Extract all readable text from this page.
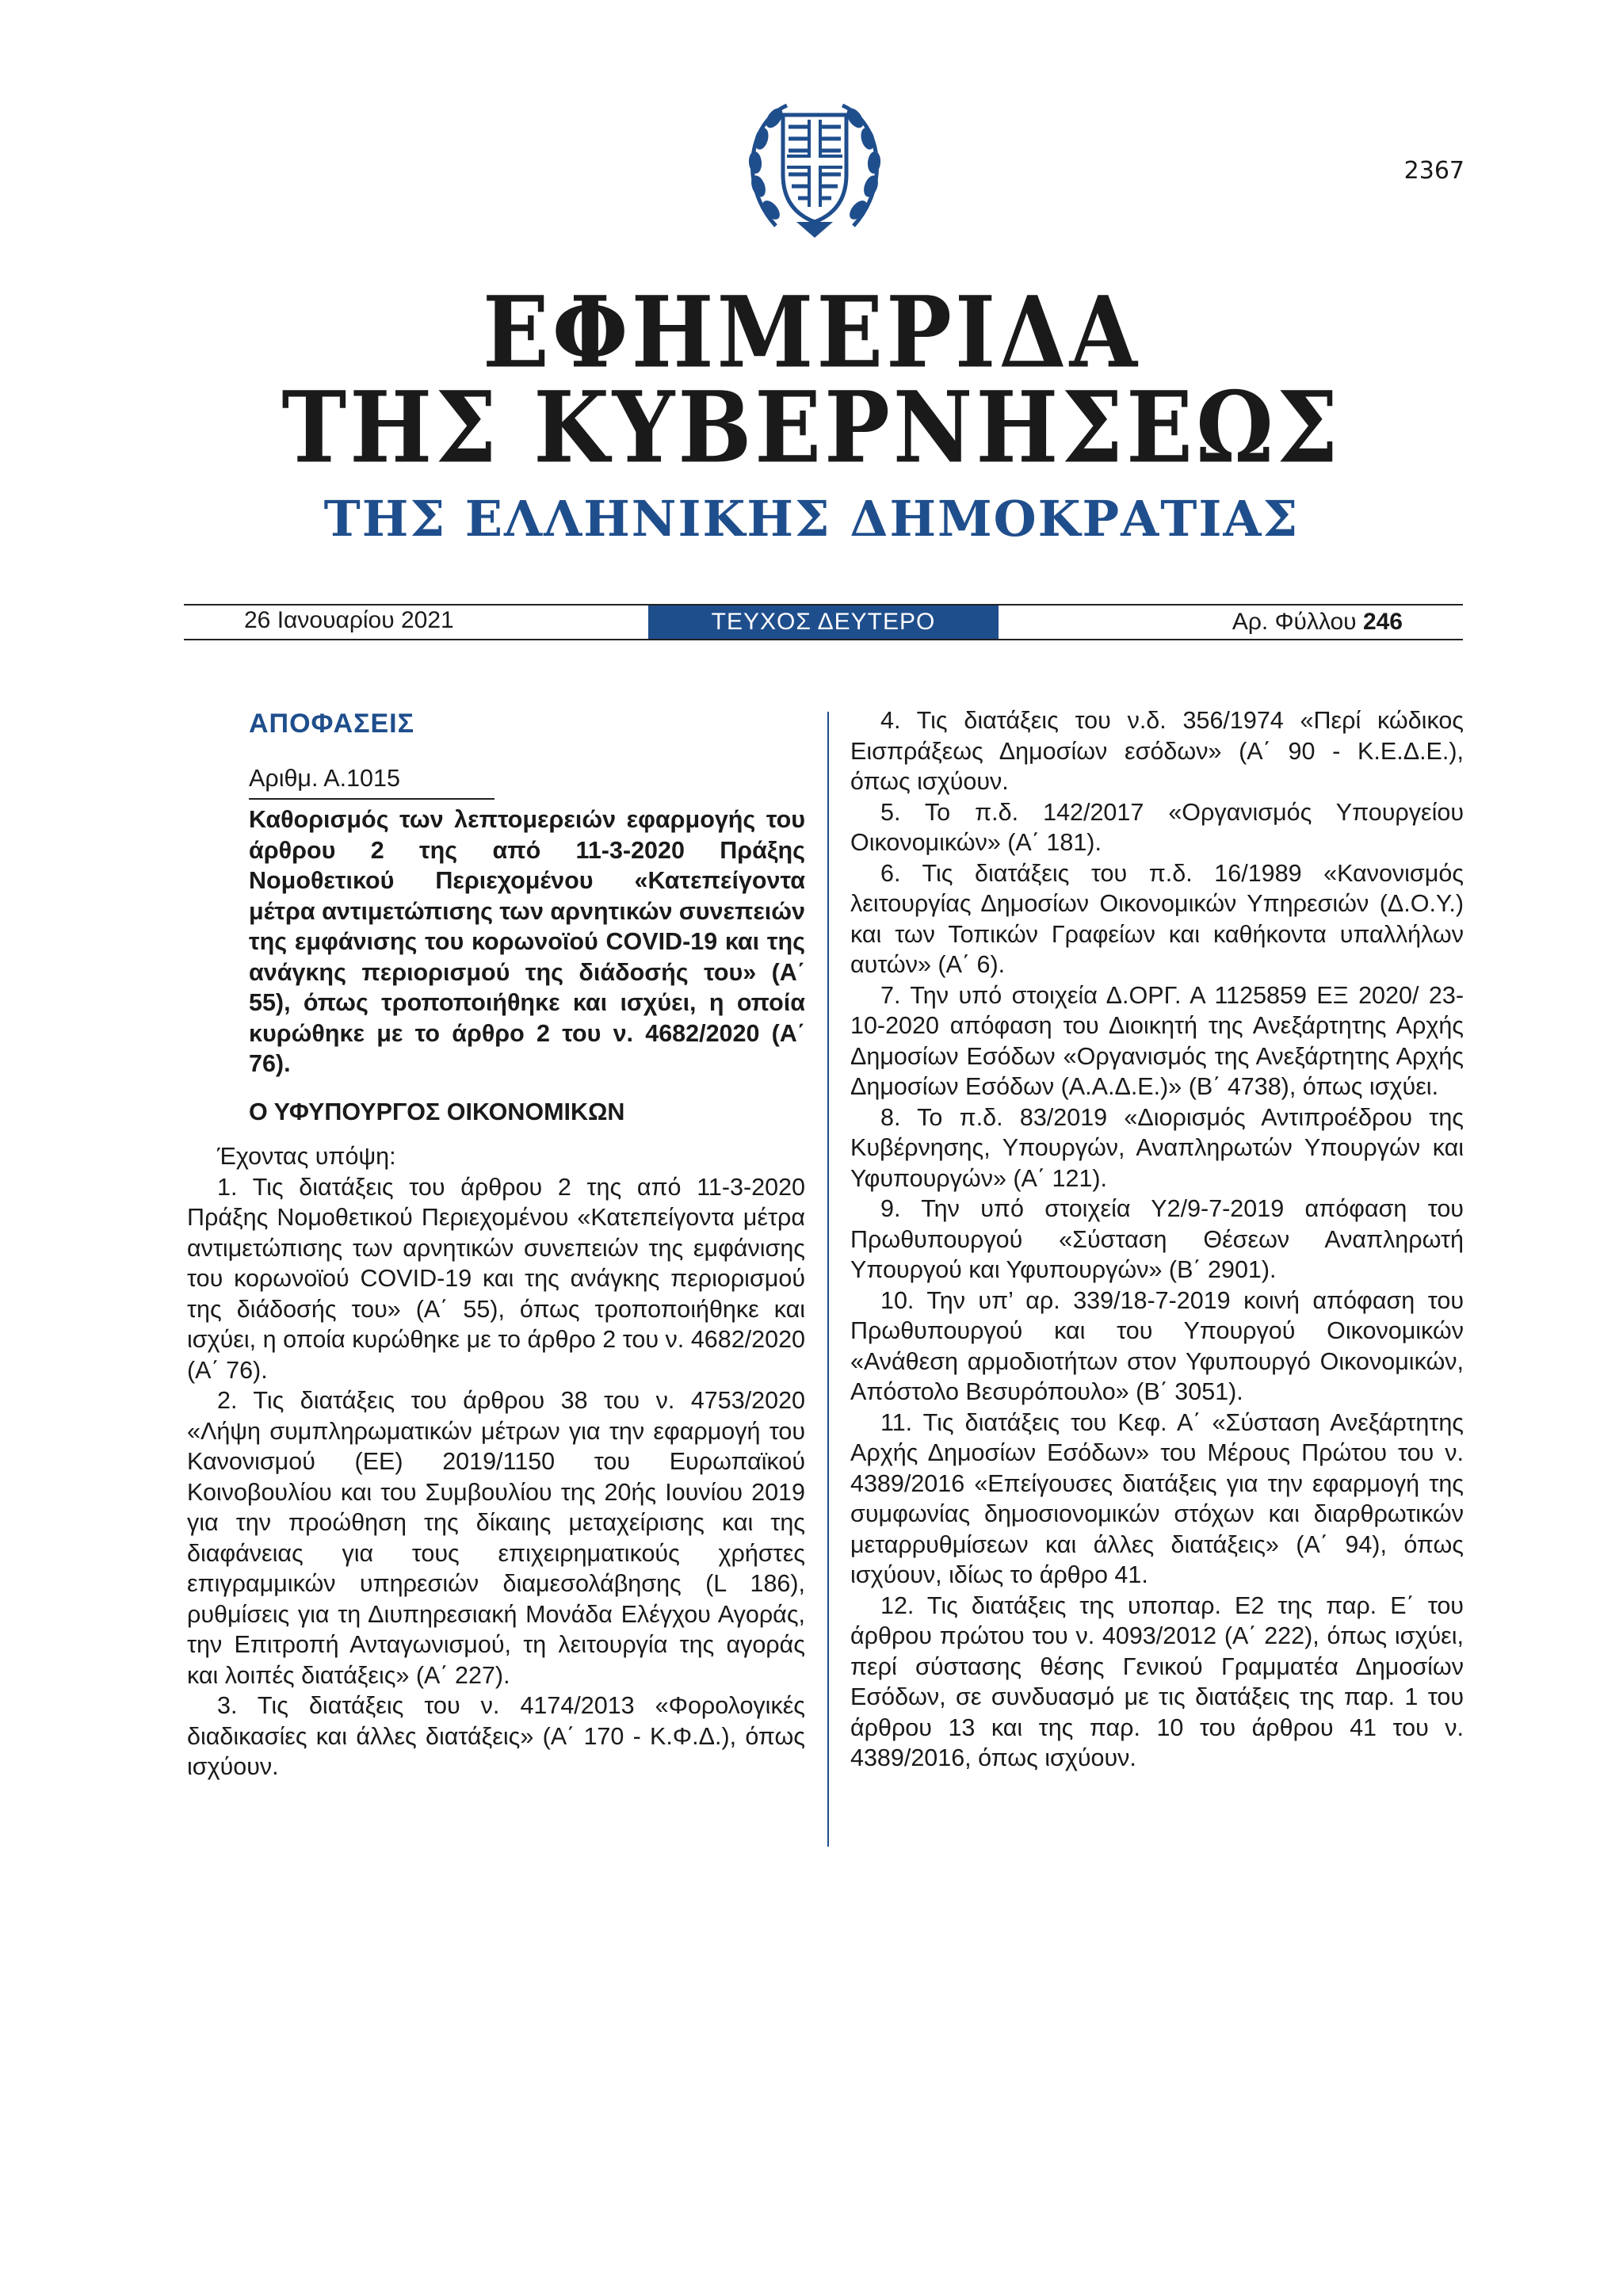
2367
ΕΦΗΜΕΡΙΔΑ
ΤΗΣ ΚΥΒΕΡΝΗΣΕΩΣ
ΤΗΣ ΕΛΛΗΝΙΚΗΣ ΔΗΜΟΚΡΑΤΙΑΣ
26 Ιανουαρίου 2021	ΤΕΥΧΟΣ ΔΕΥΤΕΡΟ	Αρ. Φύλλου 246
ΑΠΟΦΑΣΕΙΣ
Αριθμ. Α.1015
Καθορισμός των λεπτομερειών εφαρμογής του άρθρου 2 της από 11-3-2020 Πράξης Νομοθετικού Περιεχομένου «Κατεπείγοντα μέτρα αντιμετώπισης των αρνητικών συνεπειών της εμφάνισης του κορωνοϊού COVID-19 και της ανάγκης περιορισμού της διάδοσής του» (Α΄ 55), όπως τροποποιήθηκε και ισχύει, η οποία κυρώθηκε με το άρθρο 2 του ν. 4682/2020 (Α΄ 76).
Ο ΥΦΥΠΟΥΡΓΟΣ ΟΙΚΟΝΟΜΙΚΩΝ

Έχοντας υπόψη:

1. Τις διατάξεις του άρθρου 2 της από 11-3-2020 Πράξης Νομοθετικού Περιεχομένου «Κατεπείγοντα μέτρα αντιμετώπισης των αρνητικών συνεπειών της εμφάνισης του κορωνοϊού COVID-19 και της ανάγκης περιορισμού της διάδοσής του» (Α΄ 55), όπως τροποποιήθηκε και ισχύει, η οποία κυρώθηκε με το άρθρο 2 του ν. 4682/2020 (Α΄ 76).

2. Τις διατάξεις του άρθρου 38 του ν. 4753/2020 «Λήψη συμπληρωματικών μέτρων για την εφαρμογή του Κανονισμού (ΕΕ) 2019/1150 του Ευρωπαϊκού Κοινοβουλίου και του Συμβουλίου της 20ής Ιουνίου 2019 για την προώθηση της δίκαιης μεταχείρισης και της διαφάνειας για τους επιχειρηματικούς χρήστες επιγραμμικών υπηρεσιών διαμεσολάβησης (L 186), ρυθμίσεις για τη Διυπηρεσιακή Μονάδα Ελέγχου Αγοράς, την Επιτροπή Ανταγωνισμού, τη λειτουργία της αγοράς και λοιπές διατάξεις» (Α΄ 227).

3. Τις διατάξεις του ν. 4174/2013 «Φορολογικές διαδικασίες και άλλες διατάξεις» (Α΄ 170 - Κ.Φ.Δ.), όπως ισχύουν.

4. Τις διατάξεις του ν.δ. 356/1974 «Περί κώδικος Εισπράξεως Δημοσίων εσόδων» (Α΄ 90 - Κ.Ε.Δ.Ε.), όπως ισχύουν.

5. Το π.δ. 142/2017 «Οργανισμός Υπουργείου Οικονομικών» (Α΄ 181).

6. Τις διατάξεις του π.δ. 16/1989 «Κανονισμός λειτουργίας Δημοσίων Οικονομικών Υπηρεσιών (Δ.Ο.Υ.) και των Τοπικών Γραφείων και καθήκοντα υπαλλήλων αυτών» (Α΄ 6).

7. Την υπό στοιχεία Δ.ΟΡΓ. Α 1125859 ΕΞ 2020/ 23-10-2020 απόφαση του Διοικητή της Ανεξάρτητης Αρχής Δημοσίων Εσόδων «Οργανισμός της Ανεξάρτητης Αρχής Δημοσίων Εσόδων (Α.Α.Δ.Ε.)» (Β΄ 4738), όπως ισχύει.

8. Το π.δ. 83/2019 «Διορισμός Αντιπροέδρου της Κυβέρνησης, Υπουργών, Αναπληρωτών Υπουργών και Υφυπουργών» (Α΄ 121).

9. Την υπό στοιχεία Υ2/9-7-2019 απόφαση του Πρωθυπουργού «Σύσταση Θέσεων Αναπληρωτή Υπουργού και Υφυπουργών» (Β΄ 2901).

10. Την υπ’ αρ. 339/18-7-2019 κοινή απόφαση του Πρωθυπουργού και του Υπουργού Οικονομικών «Ανάθεση αρμοδιοτήτων στον Υφυπουργό Οικονομικών, Απόστολο Βεσυρόπουλο» (Β΄ 3051).

11. Τις διατάξεις του Κεφ. Α΄ «Σύσταση Ανεξάρτητης Αρχής Δημοσίων Εσόδων» του Μέρους Πρώτου του ν. 4389/2016 «Επείγουσες διατάξεις για την εφαρμογή της συμφωνίας δημοσιονομικών στόχων και διαρθρωτικών μεταρρυθμίσεων και άλλες διατάξεις» (Α΄ 94), όπως ισχύουν, ιδίως το άρθρο 41.

12. Τις διατάξεις της υποπαρ. Ε2 της παρ. Ε΄ του άρθρου πρώτου του ν. 4093/2012 (Α΄ 222), όπως ισχύει, περί σύστασης θέσης Γενικού Γραμματέα Δημοσίων Εσόδων, σε συνδυασμό με τις διατάξεις της παρ. 1 του άρθρου 13 και της παρ. 10 του άρθρου 41 του ν. 4389/2016, όπως ισχύουν.
